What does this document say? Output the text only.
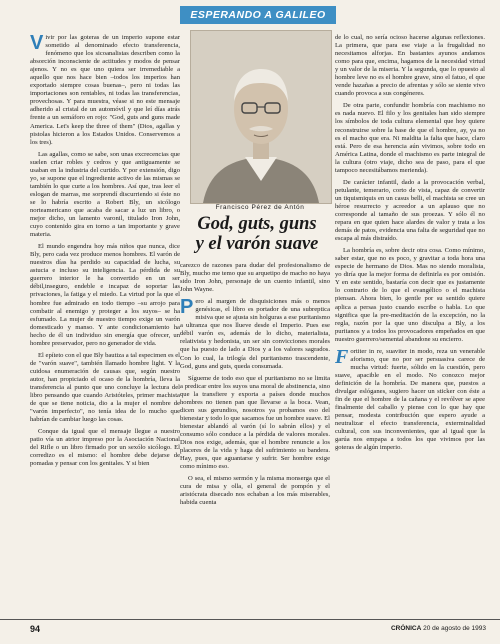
ESPERANDO A GALILEO

Vivir por las goteras de un imperio supone estar sometido al denominado efecto transferencia, fenómeno que los sicoanalistas describen como la absorción inconsciente de actitudes y modos de pensar ajenos. Y no es que uno quiera ser irremediable a aquello que nos hace bien –todos los imperios han exportado siempre cosas buenas–, pero ni todas las importaciones son rentables, ni todas las transferencias, provechosas. Y para muestra, véase si no este mensaje adherido al cristal de un automóvil y que leí días atrás frente a un semáforo en rojo: "God, guts and guns made America. Let's keep the three of them" (Dios, agallas y pistolas hicieron a los Estados Unidos. Conservemos a los tres).

Las agallas, como se sabe, son unas excrecencias que suelen criar robles y cedros y que antiguamente se usaban en la industria del curtido. Y por extensión, digo yo, se supone que el ingrediente activo de las mismas se también lo que curte a los hombres. Así que, tras leer el eslogan de marras, me sorprendí discurriendo si éste no se lo habría escrito a Robert Bly, un sicólogo norteamericano que acaba de sacar a luz un libro, o mejor dicho, un lamento varonil, titulado Iron John, cuyo contenido gira en torno a tan importante y grave materia.

El mundo engendra hoy más niños que nunca, dice Bly, pero cada vez produce menos hombres. El varón de nuestros días ha perdido su capacidad de lucha, su astucia e incluso su inteligencia. La pérdida de su guerrero interior le ha convertido en un ser débil,inseguro, endeble e incapaz de soportar las privaciones, la fatiga y el miedo. La virtud por la que el hombre fue admirado en todo tiempo –su arrojo para combatir al enemigo y proteger a los suyos– se ha esfumado. La mujer de nuestro tiempo exige un varón domesticado y manso. Y ante condicionamiento ha hecho de él un individuo sin energía que ofrecer, un hombre preservador, pero no generador de vida.

El epíteto con el que Bly bautiza a tal especimen es el de "varón suave", también llamado hombre light. Y la cuidosa enumeración de causas que, según nuestro autor, han propiciado el ocaso de la hombría, lleva la transferencia al punto que uno concluye la lectura del libro pensando que cuando Aristóteles, primer machista de que se tiene noticia, dio a la mujer el nombre de "varón imperfecto", no tenía idea de lo mucho que habrían de cambiar luego las cosas.

Conque da igual que el mensaje llegue a nuestro patio vía un atrior impreso por la Asociación Nacional del Rifle o un libro firmado por un sexólo sicólogo. El corredizo es el mismo: el hombre debe dejarse de pomadas y pensar con los genitales. Y si bien

Francisco Pérez de Antón
God, guts, guns
y el varón suave

carezco de razones para dudar del profesionalismo de Bly, mucho me temo que su arquetipo de macho no haya sido Iron John, personaje de un cuento infantil, sino John Wayne.

Pero al margen de disquisiciones más o menos genésicas, el libro es portador de una subreptica misiva que se ajusta sin holguras a ese puritanismo a ultranza que nos llueve desde el Imperio. Pues ese débil varón es, además de lo dicho, materialista, relativista y hedonista, un ser sin convicciones morales que ha puesto de lado a Dios y a los valores sagrados. Con lo cual, la trilogía del puritanismo trascendente, God, guns and guts, queda consumada.

Sígueme de todo eso que el puritanismo no se limita a predicar entre los suyos una moral de abstinencia, sino que la transfiere y exporta a países donde muchos hombres no tienen pan que llevarse a la boca. Vean, dicen sus gerundios, nosotros ya probamos eso del bienestar y todo lo que sacamos fue un hombre suave. El bienestar ablandó al varón (sí lo sabrán ellos) y el consumo sólo conduce a la pérdida de valores morales. Dios nos exige, además, que el hombre renuncie a los placeres de la vida y haga del sufrimiento su bandera. Hay, pues, que aguantarse y sufrir. Ser hombre exige como mínimo eso.

O sea, el mismo sermón y la misma monserga que el cura de misa y olla, el general de pompón y el aristócrata disecado nos echaban a los más miserables, habida cuenta

de lo cual, no sería ocioso hacerse algunas reflexiones. La primera, que para ese viaje a la frugalidad no necesitamos alforjas. En bastantes ayunos andamos como para que, encima, hagamos de la necesidad virtud y un valor de la miseria. Y la segunda, que lo opuesto al hombre leve no es el hombre grave, sino el fatuo, el que vende hazañas a precio de afrentas y sólo se siente vivo cuando provoca a sus congéneres.

De otra parte, confundir hombría con machismo no es nada nuevo. El filo y los genitales han sido siempre los símbolos de toda cultura elemental que hoy quiere reconstruirse sobre la base de que el hombre, ay, ya no es el macho que era. Ni maldita la falta que hace, claro está. Pero de esa herencia aún vivimos, sobre todo en América Latina, donde el machismo es parte integral de la cultura (otro viaje, dicho sea de paso, para el que tampoco necesitábamos merienda).

De carácter infantil, dado a la provocación verbal, petulante, temerario, corto de vista, capaz de convertir un tiquismiquis en un casus belli, el machista se cree un héroe resurrecto y acreedor a un aplauso que no corresponde al tamaño de sus proezas. Y sólo él no repara en que quien hace alardes de valor y trata a los demás de patos, evidencia una falta de seguridad que no escapa al más distraído.

La hombría es, sobre decir otra cosa. Como mínimo, saber estar, que no es poco, y gravitar a toda hora una especie de hermano de Dios. Mas no siendo moralista, yo diría que la mejor forma de definirla es por omisión. Y en este sentido, bastaría con decir que es justamente lo contrario de lo que el evangélico o el machista piensan. Ahora bien, lo gentle por su sentido quiere aplica a persas justo cuando escribe o habla. Lo que significa que la pre-meditación de la excepción, no la regla, razón por la que uno disculpa a Bly, a los puritanos y a todos los provocadores empeñados en que nuestro guerrero/semental abandone su encierro.

Fortiter in re, suaviter in modo, reza un venerable aforismo, que no por ser persuasiva carece de mucha virtud: fuerte, sólido en la cuestión, pero suave, apacible en el modo. No conozco mejor definición de la hombría. De manera que, puestos a divulgar eslóganes, sugiero hacer un sticker con éste a fin de que el hombre de la cañana y el revólver se apee finalmente del caballo y piense con lo que hay que pensar, modesta contribución que espero ayude a neutralizar el efecto transferencia, exterminalidad cultural, con sus inconvenientes, que al igual que la garúa nos empapa a todos los que vivimos por las goteras de algún imperio.

94	CRÓNICA 20 de agosto de 1993
